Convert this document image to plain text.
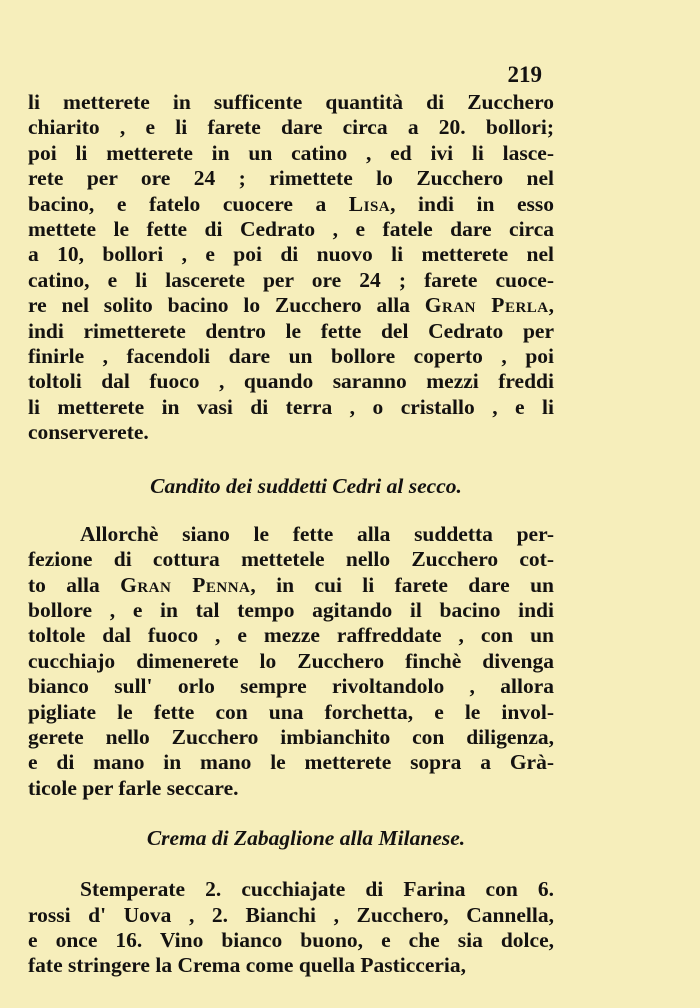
219
li metterete in sufficente quantità di Zucchero
chiarito , e li farete dare circa a 20. bollori;
poi li metterete in un catino , ed ivi li lasce-
rete per ore 24 ; rimettete lo Zucchero nel
bacino, e fatelo cuocere a Lisa, indi in esso
mettete le fette di Cedrato , e fatele dare circa
a 10, bollori , e poi di nuovo li metterete nel
catino, e li lascerete per ore 24 ; farete cuoce-
re nel solito bacino lo Zucchero alla Gran Perla,
indi rimetterete dentro le fette del Cedrato per
finirle , facendoli dare un bollore coperto , poi
toltoli dal fuoco , quando saranno mezzi freddi
li metterete in vasi di terra , o cristallo , e li
conserverete.
Candito dei suddetti Cedri al secco.
Allorchè siano le fette alla suddetta per-
fezione di cottura mettetele nello Zucchero cot-
to alla Gran Penna, in cui li farete dare un
bollore , e in tal tempo agitando il bacino indi
toltole dal fuoco , e mezze raffreddate , con un
cucchiajo dimenerete lo Zucchero finchè divenga
bianco sull' orlo sempre rivoltandolo , allora
pigliate le fette con una forchetta, e le invol-
gerete nello Zucchero imbianchito con diligenza,
e di mano in mano le metterete sopra a Grà-
ticole per farle seccare.
Crema di Zabaglione alla Milanese.
Stemperate 2. cucchiajate di Farina con 6.
rossi d' Uova , 2. Bianchi , Zucchero, Cannella,
e once 16. Vino bianco buono, e che sia dolce,
fate stringere la Crema come quella Pasticceria,
